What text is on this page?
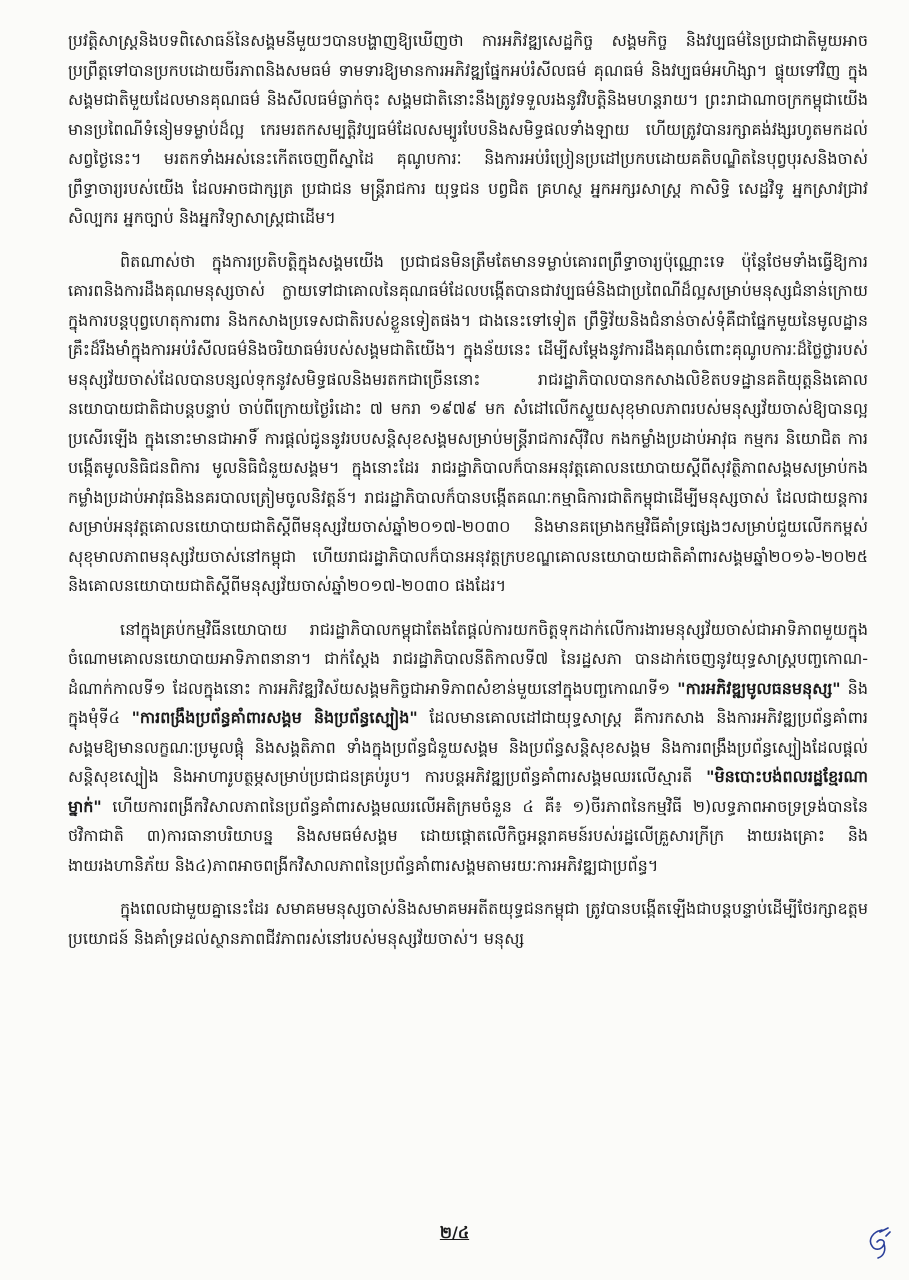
ប្រវត្តិសាស្ត្រនិងបទពិសោធន៍នៃសង្គមនីមួយៗបានបង្ហាញឱ្យឃើញថា ការអភិវឌ្ឍសេដ្ឋកិច្ច សង្គមកិច្ច និងវប្បធម៌នៃប្រជាជាតិមួយអាចប្រព្រឹត្តទៅបានប្រកបដោយចីរភាពនិងសមធម៌ ទាមទារឱ្យមានការអភិវឌ្ឍផ្នែកអប់រំសីលធម៌ គុណធម៌ និងវប្បធម៌អហិង្សា។ ផ្ទុយទៅវិញ ក្នុងសង្គមជាតិមួយដែលមានគុណធម៌ និងសីលធម៌ធ្លាក់ចុះ សង្គមជាតិនោះនឹងត្រូវទទួលរងនូវវិបត្តិនិងមហន្តរាយ។ ព្រះរាជាណាចក្រកម្ពុជាយើងមានប្រពៃណីទំនៀមទម្លាប់ដ៏ល្អ កេរមរតកសម្បត្តិវប្បធម៌ដែលសម្បូរបែបនិងសមិទ្ធផលទាំងឡាយ ហើយត្រូវបានរក្សាគង់វង្សរហូតមកដល់សព្វថ្ងៃនេះ។ មរតកទាំងអស់នេះកើតចេញពីស្នាដៃ គុណូបការៈ និងការអប់រំប្រៀនប្រដៅប្រកបដោយគតិបណ្ឌិតនៃបុព្វបុរសនិងចាស់ព្រឹទ្ធាចារ្យរបស់យើង ដែលអាចជាក្សត្រ ប្រជាជន មន្ត្រីរាជការ យុទ្ធជន បព្វជិត គ្រហស្ថ អ្នកអក្សរសាស្ត្រ កាសិទ្ធិ សេដ្ឋវិទូ អ្នកស្រាវជ្រាវ សិល្បករ អ្នកច្បាប់ និងអ្នកវិទ្យាសាស្ត្រជាដើម។

ពិតណាស់ថា ក្នុងការប្រតិបត្តិក្នុងសង្គមយើង ប្រជាជនមិនត្រឹមតែមានទម្លាប់គោរពព្រឹទ្ធាចារ្យប៉ុណ្ណោះទេ ប៉ុន្តែថែមទាំងធ្វើឱ្យការគោរពនិងការដឹងគុណមនុស្សចាស់ ក្លាយទៅជាគោលនៃគុណធម៌ដែលបង្កើតបានជាវប្បធម៌និងជាប្រពៃណីដ៏ល្អសម្រាប់មនុស្សជំនាន់ក្រោយ ក្នុងការបន្តបុព្វហេតុការពារ និងកសាងប្រទេសជាតិរបស់ខ្លួនទៀតផង។ ជាងនេះទៅទៀត ព្រឹទ្ធិវ័យនិងជំនាន់ចាស់ទុំគឺជាផ្នែកមួយនៃមូលដ្ឋានគ្រឹះដ៏រឹងមាំក្នុងការអប់រំសីលធម៌និងចរិយាធម៌របស់សង្គមជាតិយើង។ ក្នុងន័យនេះ ដើម្បីសម្ដែងនូវការដឹងគុណចំពោះគុណូបការៈដ៏ថ្លៃថ្លារបស់មនុស្សវ័យចាស់ដែលបានបន្សល់ទុកនូវសមិទ្ធផលនិងមរតកជាច្រើននោះ រាជរដ្ឋាភិបាលបានកសាងលិខិតបទដ្ឋានគតិយុត្តនិងគោលនយោបាយជាតិជាបន្តបន្ទាប់ ចាប់ពីក្រោយថ្ងៃរំដោះ ៧ មករា ១៩៧៩ មក សំដៅលើកស្ទួយសុខុមាលភាពរបស់មនុស្សវ័យចាស់ឱ្យបានល្អប្រសើរឡើង ក្នុងនោះមានជាអាទិ៍ ការផ្ដល់ជូននូវរបបសន្តិសុខសង្គមសម្រាប់មន្ត្រីរាជការស៊ីវិល កងកម្លាំងប្រដាប់អាវុធ កម្មករ និយោជិត ការបង្កើតមូលនិធិជនពិការ មូលនិធិជំនួយសង្គម។ ក្នុងនោះដែរ រាជរដ្ឋាភិបាលក៏បានអនុវត្តគោលនយោបាយស្ដីពីសុវត្ថិភាពសង្គមសម្រាប់កងកម្លាំងប្រដាប់អាវុធនិងនគរបាលត្រៀមចូលនិវត្តន៍។ រាជរដ្ឋាភិបាលក៏បានបង្កើតគណៈកម្មាធិការជាតិកម្ពុជាដើម្បីមនុស្សចាស់ ដែលជាយន្តការសម្រាប់អនុវត្តគោលនយោបាយជាតិស្ដីពីមនុស្សវ័យចាស់ឆ្នាំ២០១៧-២០៣០ និងមានគម្រោងកម្មវិធីគាំទ្រផ្សេងៗសម្រាប់ជួយលើកកម្ពស់សុខុមាលភាពមនុស្សវ័យចាស់នៅកម្ពុជា ហើយរាជរដ្ឋាភិបាលក៏បានអនុវត្តក្របខណ្ឌគោលនយោបាយជាតិគាំពារសង្គមឆ្នាំ២០១៦-២០២៥ និងគោលនយោបាយជាតិស្ដីពីមនុស្សវ័យចាស់ឆ្នាំ២០១៧-២០៣០ ផងដែរ។

នៅក្នុងគ្រប់កម្មវិធីនយោបាយ រាជរដ្ឋាភិបាលកម្ពុជាតែងតែផ្ដល់ការយកចិត្តទុកដាក់លើការងារមនុស្សវ័យចាស់ជាអាទិភាពមួយក្នុងចំណោមគោលនយោបាយអាទិភាពនានា។ ជាក់ស្ដែង រាជរដ្ឋាភិបាលនីតិកាលទី៧ នៃរដ្ឋសភា បានដាក់ចេញនូវយុទ្ធសាស្ត្របញ្ចកោណ-ដំណាក់កាលទី១ ដែលក្នុងនោះ ការអភិវឌ្ឍវិស័យសង្គមកិច្ចជាអាទិភាពសំខាន់មួយនៅក្នុងបញ្ចកោណទី១ "ការអភិវឌ្ឍមូលធនមនុស្ស" និងក្នុងមុំទី៤ "ការពង្រឹងប្រព័ន្ធគាំពារសង្គម និងប្រព័ន្ធស្បៀង" ដែលមានគោលដៅជាយុទ្ធសាស្ត្រ គឺការកសាង និងការអភិវឌ្ឍប្រព័ន្ធគាំពារសង្គមឱ្យមានលក្ខណៈប្រមូលផ្ដុំ និងសង្គតិភាព ទាំងក្នុងប្រព័ន្ធជំនួយសង្គម និងប្រព័ន្ធសន្តិសុខសង្គម និងការពង្រឹងប្រព័ន្ធស្បៀងដែលផ្ដល់សន្តិសុខស្បៀង និងអាហារូបត្ថម្ភសម្រាប់ប្រជាជនគ្រប់រូប។ ការបន្តអភិវឌ្ឍប្រព័ន្ធគាំពារសង្គមឈរលើស្មារតី "មិនបោះបង់ពលរដ្ឋខ្មែរណាម្នាក់" ហើយការពង្រីកវិសាលភាពនៃប្រព័ន្ធគាំពារសង្គមឈរលើអតិក្រមចំនួន ៤ គឺ៖ ១)ចីរភាពនៃកម្មវិធី ២)លទ្ធភាពអាចទ្រទ្រង់បាននៃថវិកាជាតិ ៣)ការធានាបរិយាបន្ន និងសមធម៌សង្គម ដោយផ្ដោតលើកិច្ចអន្តរាគមន៍របស់រដ្ឋលើគ្រួសារក្រីក្រ ងាយរងគ្រោះ និងងាយរងហានិភ័យ និង៤)ភាពអាចពង្រីកវិសាលភាពនៃប្រព័ន្ធគាំពារសង្គមតាមរយៈការអភិវឌ្ឍជាប្រព័ន្ធ។

ក្នុងពេលជាមួយគ្នានេះដែរ សមាគមមនុស្សចាស់និងសមាគមអតីតយុទ្ធជនកម្ពុជា ត្រូវបានបង្កើតឡើងជាបន្តបន្ទាប់ដើម្បីថែរក្សាឧត្តមប្រយោជន៍ និងគាំទ្រដល់ស្ថានភាពជីវភាពរស់នៅរបស់មនុស្សវ័យចាស់។ មនុស្ស

២/៤
